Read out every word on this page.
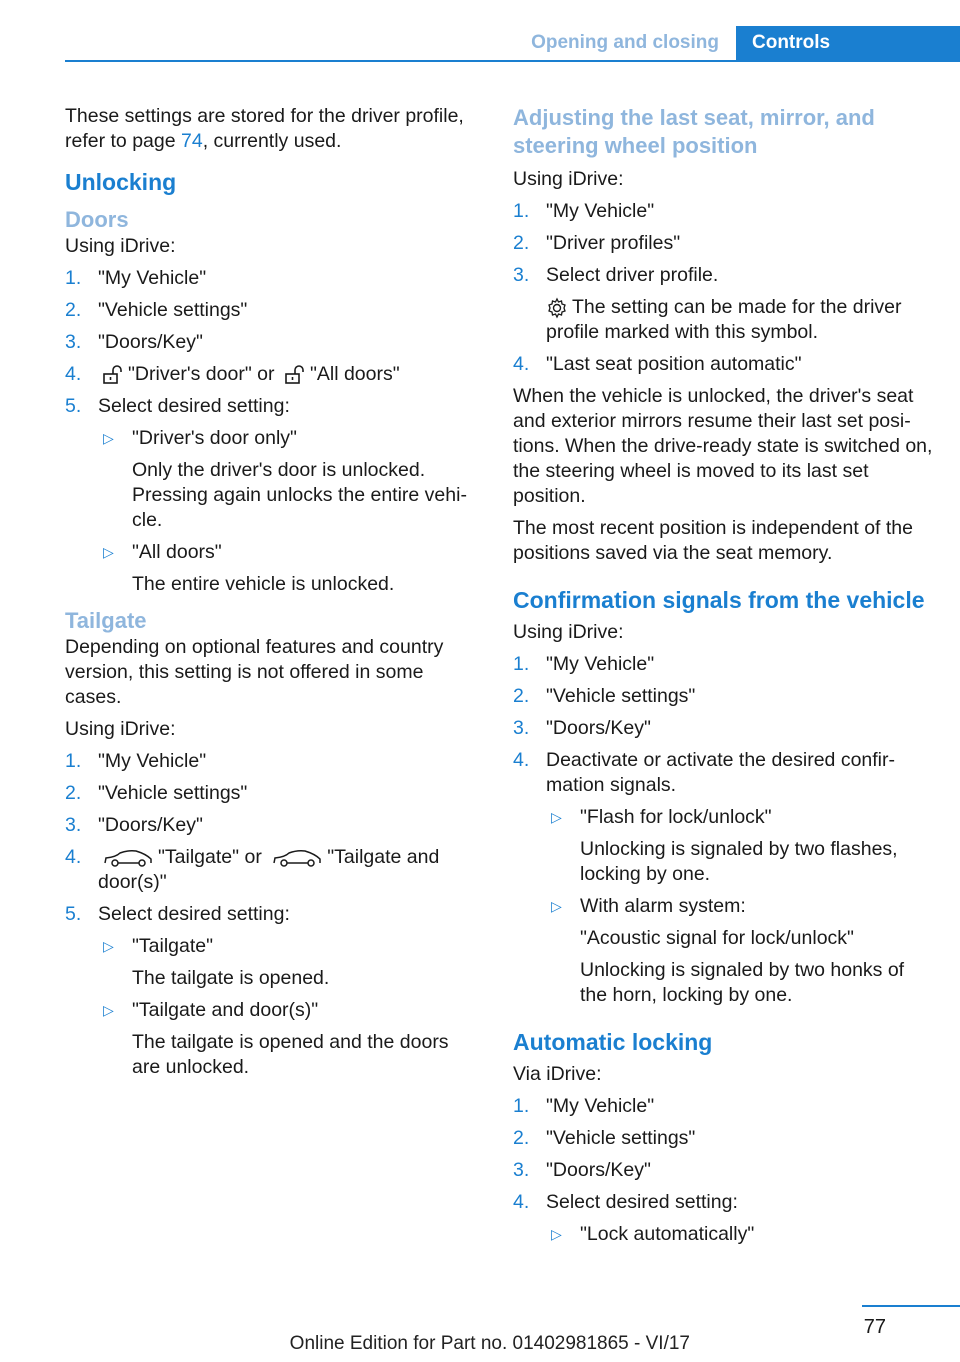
Opening and closing	Controls

These settings are stored for the driver profile, refer to page 74, currently used.

Unlocking
Doors

Using iDrive:

1. "My Vehicle"
2. "Vehicle settings"
3. "Doors/Key"
4. "Driver's door" or "All doors"
5. Select desired setting:
▷ "Driver's door only"
Only the driver's door is unlocked. Pressing again unlocks the entire vehi‐cle.
▷ "All doors"
The entire vehicle is unlocked.
Tailgate

Depending on optional features and country version, this setting is not offered in some cases.

Using iDrive:

1. "My Vehicle"
2. "Vehicle settings"
3. "Doors/Key"
4.	"Tailgate" or	"Tailgate and door(s)"
5. Select desired setting:
▷ "Tailgate"
The tailgate is opened.
▷ "Tailgate and door(s)"
The tailgate is opened and the doors are unlocked.
Adjusting the last seat, mirror, and steering wheel position

Using iDrive:

1. "My Vehicle"
2. "Driver profiles"
3. Select driver profile.
The setting can be made for the driver profile marked with this symbol.
4. "Last seat position automatic"

When the vehicle is unlocked, the driver's seat and exterior mirrors resume their last set posi‐tions. When the drive-ready state is switched on, the steering wheel is moved to its last set position.

The most recent position is independent of the positions saved via the seat memory.

Confirmation signals from the vehicle

Using iDrive:

1. "My Vehicle"
2. "Vehicle settings"
3. "Doors/Key"
4. Deactivate or activate the desired confir‐mation signals.
▷ "Flash for lock/unlock"
Unlocking is signaled by two flashes, locking by one.
▷ With alarm system:
"Acoustic signal for lock/unlock"
Unlocking is signaled by two honks of the horn, locking by one.
Automatic locking

Via iDrive:

1. "My Vehicle"
2. "Vehicle settings"
3. "Doors/Key"
4. Select desired setting:
▷ "Lock automatically"
77
Online Edition for Part no. 01402981865 - VI/17
